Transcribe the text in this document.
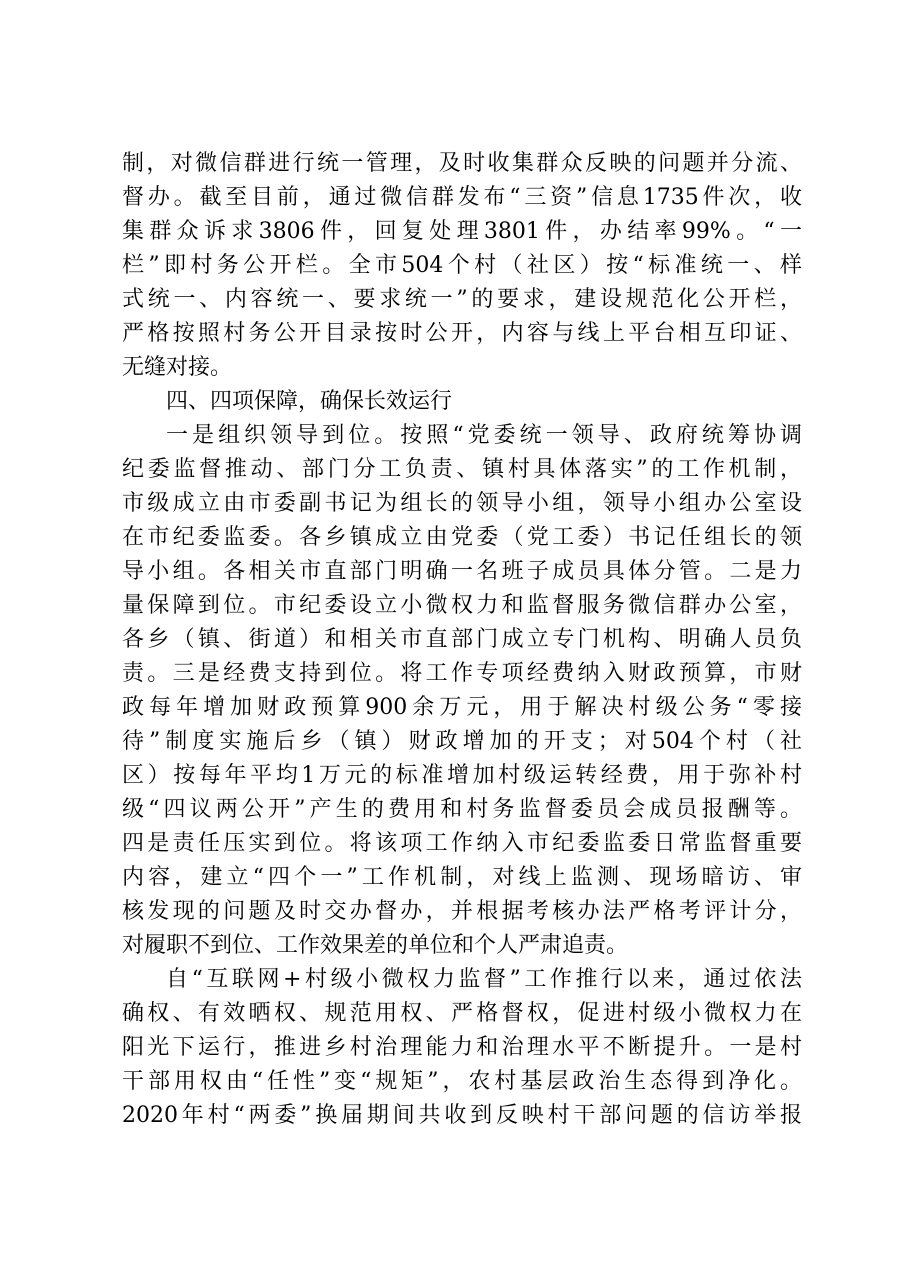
制，对微信群进行统一管理，及时收集群众反映的问题并分流、
督办。截至目前，通过微信群发布“三资”信息1735件次，收
集群众诉求3806件，回复处理3801件，办结率99%。“一
栏”即村务公开栏。全市504个村（社区）按“标准统一、样
式统一、内容统一、要求统一”的要求，建设规范化公开栏，
严格按照村务公开目录按时公开，内容与线上平台相互印证、
无缝对接。
四、四项保障，确保长效运行
一是组织领导到位。按照“党委统一领导、政府统筹协调
纪委监督推动、部门分工负责、镇村具体落实”的工作机制，
市级成立由市委副书记为组长的领导小组，领导小组办公室设
在市纪委监委。各乡镇成立由党委（党工委）书记任组长的领
导小组。各相关市直部门明确一名班子成员具体分管。二是力
量保障到位。市纪委设立小微权力和监督服务微信群办公室，
各乡（镇、街道）和相关市直部门成立专门机构、明确人员负
责。三是经费支持到位。将工作专项经费纳入财政预算，市财
政每年增加财政预算900余万元，用于解决村级公务“零接
待”制度实施后乡（镇）财政增加的开支；对504个村（社
区）按每年平均1万元的标准增加村级运转经费，用于弥补村
级“四议两公开”产生的费用和村务监督委员会成员报酬等。
四是责任压实到位。将该项工作纳入市纪委监委日常监督重要
内容，建立“四个一”工作机制，对线上监测、现场暗访、审
核发现的问题及时交办督办，并根据考核办法严格考评计分，
对履职不到位、工作效果差的单位和个人严肃追责。
自“互联网+村级小微权力监督”工作推行以来，通过依法
确权、有效晒权、规范用权、严格督权，促进村级小微权力在
阳光下运行，推进乡村治理能力和治理水平不断提升。一是村
干部用权由“任性”变“规矩”，农村基层政治生态得到净化。
2020年村“两委”换届期间共收到反映村干部问题的信访举报
